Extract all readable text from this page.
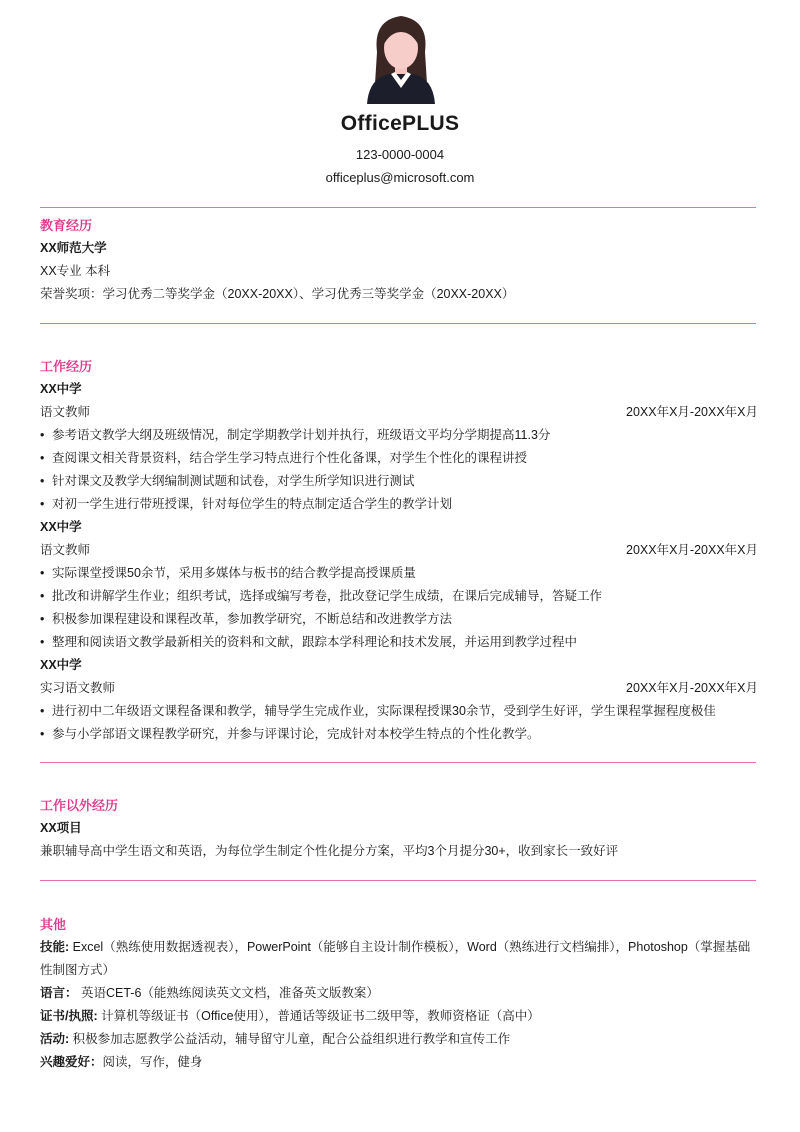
OfficePLUS
123-0000-0004
officeplus@microsoft.com
教育经历
XX师范大学
XX专业 本科
荣誉奖项：学习优秀二等奖学金（20XX-20XX）、学习优秀三等奖学金（20XX-20XX）
工作经历
XX中学
语文教师	20XX年X月-20XX年X月
• 参考语文教学大纲及班级情况，制定学期教学计划并执行，班级语文平均分学期提高11.3分
• 查阅课文相关背景资料，结合学生学习特点进行个性化备课，对学生个性化的课程讲授
• 针对课文及教学大纲编制测试题和试卷，对学生所学知识进行测试
• 对初一学生进行带班授课，针对每位学生的特点制定适合学生的教学计划
XX中学
语文教师	20XX年X月-20XX年X月
• 实际课堂授课50余节，采用多媒体与板书的结合教学提高授课质量
• 批改和讲解学生作业；组织考试，选择或编写考卷，批改登记学生成绩，在课后完成辅导，答疑工作
• 积极参加课程建设和课程改革，参加教学研究，不断总结和改进教学方法
• 整理和阅读语文教学最新相关的资料和文献，跟踪本学科理论和技术发展，并运用到教学过程中
XX中学
实习语文教师	20XX年X月-20XX年X月
• 进行初中二年级语文课程备课和教学，辅导学生完成作业，实际课程授课30余节，受到学生好评，学生课程掌握程度极佳
• 参与小学部语文课程教学研究，并参与评课讨论，完成针对本校学生特点的个性化教学。
工作以外经历
XX项目
兼职辅导高中学生语文和英语，为每位学生制定个性化提分方案，平均3个月提分30+，收到家长一致好评
其他
技能: Excel（熟练使用数据透视表），PowerPoint（能够自主设计制作模板），Word（熟练进行文档编排），Photoshop（掌握基础性制图方式）
语言： 英语CET-6（能熟练阅读英文文档，准备英文版教案）
证书/执照: 计算机等级证书（Office使用），普通话等级证书二级甲等，教师资格证（高中）
活动: 积极参加志愿教学公益活动，辅导留守儿童，配合公益组织进行教学和宣传工作
兴趣爱好：阅读，写作，健身
